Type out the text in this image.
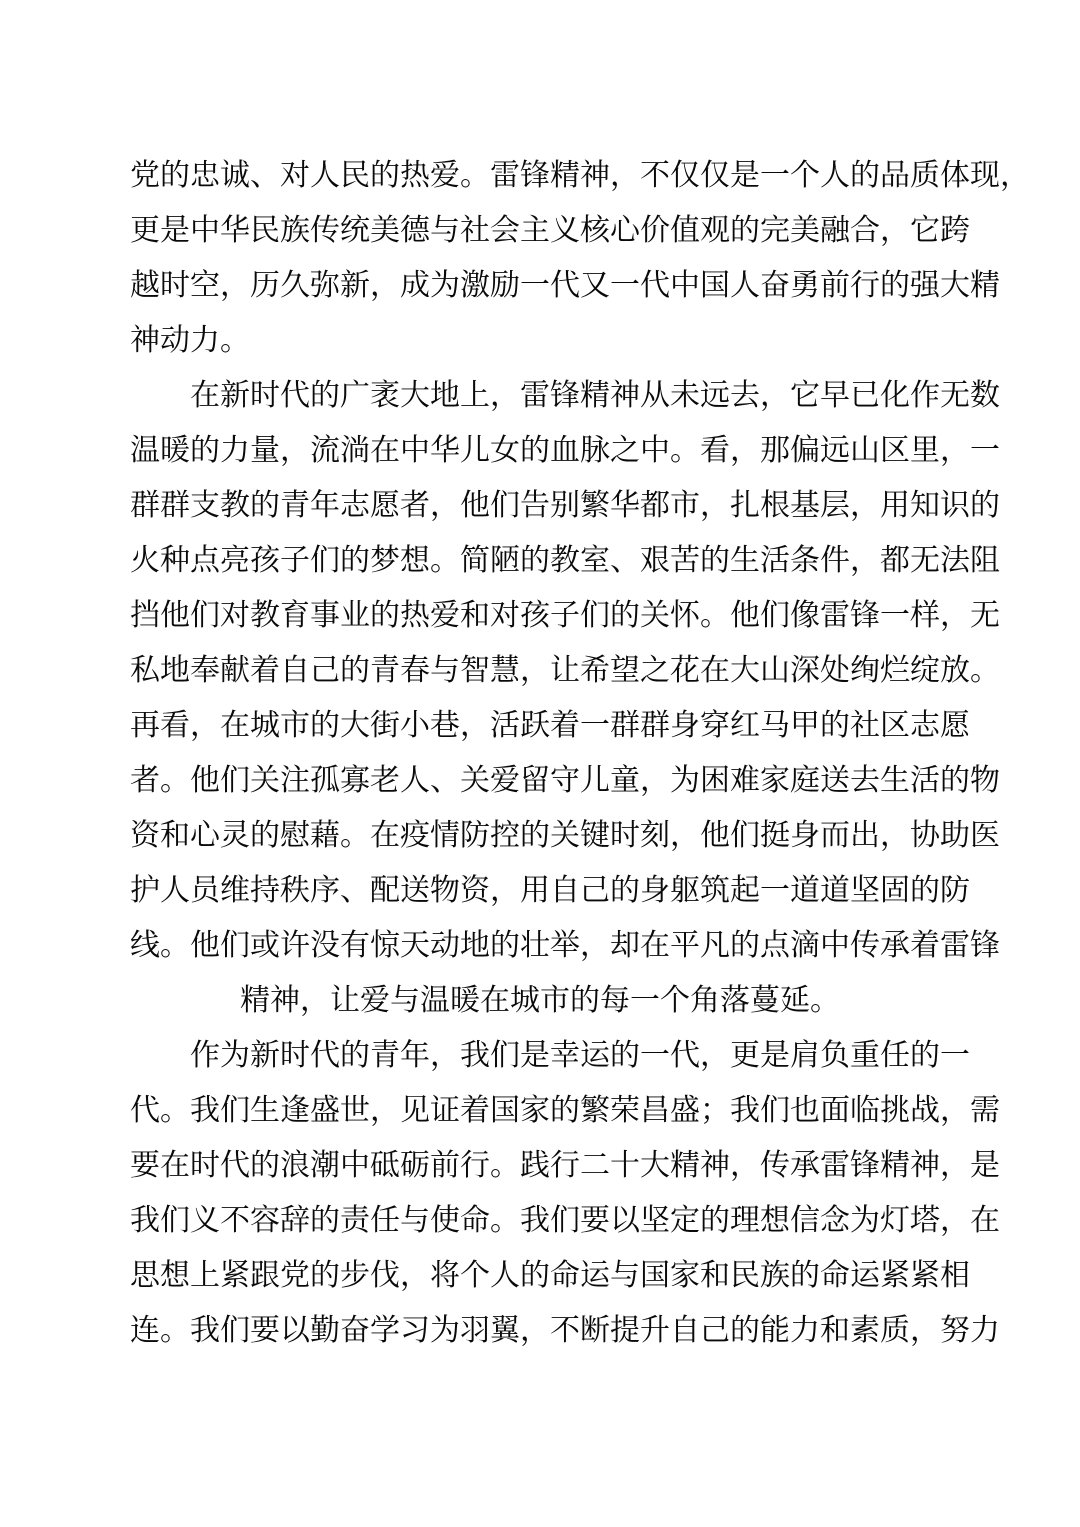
党的忠诚、对人民的热爱。雷锋精神，不仅仅是一个人的品质体现，
更是中华民族传统美德与社会主义核心价值观的完美融合，它跨
越时空，历久弥新，成为激励一代又一代中国人奋勇前行的强大精
神动力。
在新时代的广袤大地上，雷锋精神从未远去，它早已化作无数
温暖的力量，流淌在中华儿女的血脉之中。看，那偏远山区里，一
群群支教的青年志愿者，他们告别繁华都市，扎根基层，用知识的
火种点亮孩子们的梦想。简陋的教室、艰苦的生活条件，都无法阻
挡他们对教育事业的热爱和对孩子们的关怀。他们像雷锋一样，无
私地奉献着自己的青春与智慧，让希望之花在大山深处绚烂绽放。
再看，在城市的大街小巷，活跃着一群群身穿红马甲的社区志愿
者。他们关注孤寡老人、关爱留守儿童，为困难家庭送去生活的物
资和心灵的慰藉。在疫情防控的关键时刻，他们挺身而出，协助医
护人员维持秩序、配送物资，用自己的身躯筑起一道道坚固的防
线。他们或许没有惊天动地的壮举，却在平凡的点滴中传承着雷锋
精神，让爱与温暖在城市的每一个角落蔓延。
作为新时代的青年，我们是幸运的一代，更是肩负重任的一
代。我们生逢盛世，见证着国家的繁荣昌盛；我们也面临挑战，需
要在时代的浪潮中砥砺前行。践行二十大精神，传承雷锋精神，是
我们义不容辞的责任与使命。我们要以坚定的理想信念为灯塔，在
思想上紧跟党的步伐，将个人的命运与国家和民族的命运紧紧相
连。我们要以勤奋学习为羽翼，不断提升自己的能力和素质，努力
